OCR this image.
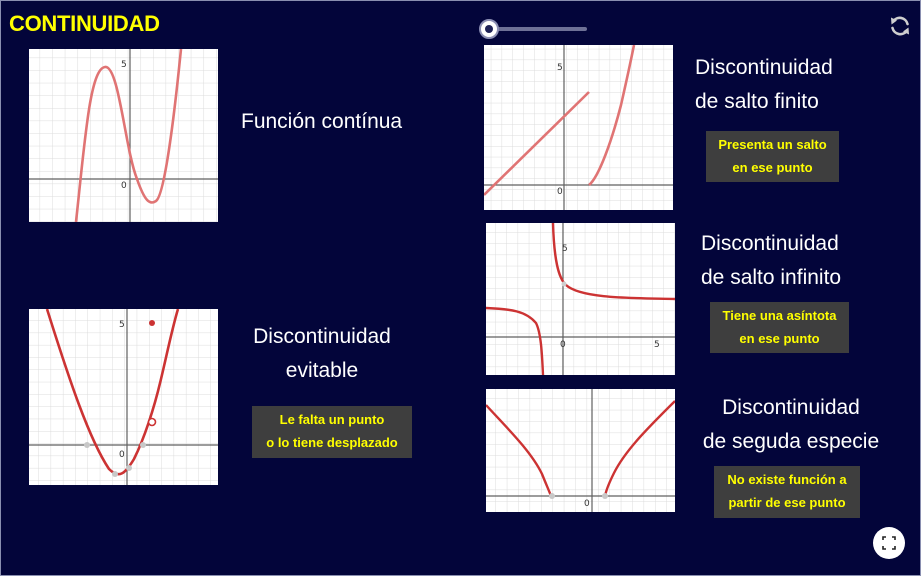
CONTINUIDAD
5
0
5
0
5
0	5
5
0
0
Función contínua
Discontinuidad
de salto finito
Discontinuidad
de salto infinito
Discontinuidad
evitable
Discontinuidad
de seguda especie
Presenta un salto
en ese punto
Tiene una asíntota
en ese punto
Le falta un punto
o lo tiene desplazado
No existe función a
partir de ese punto
